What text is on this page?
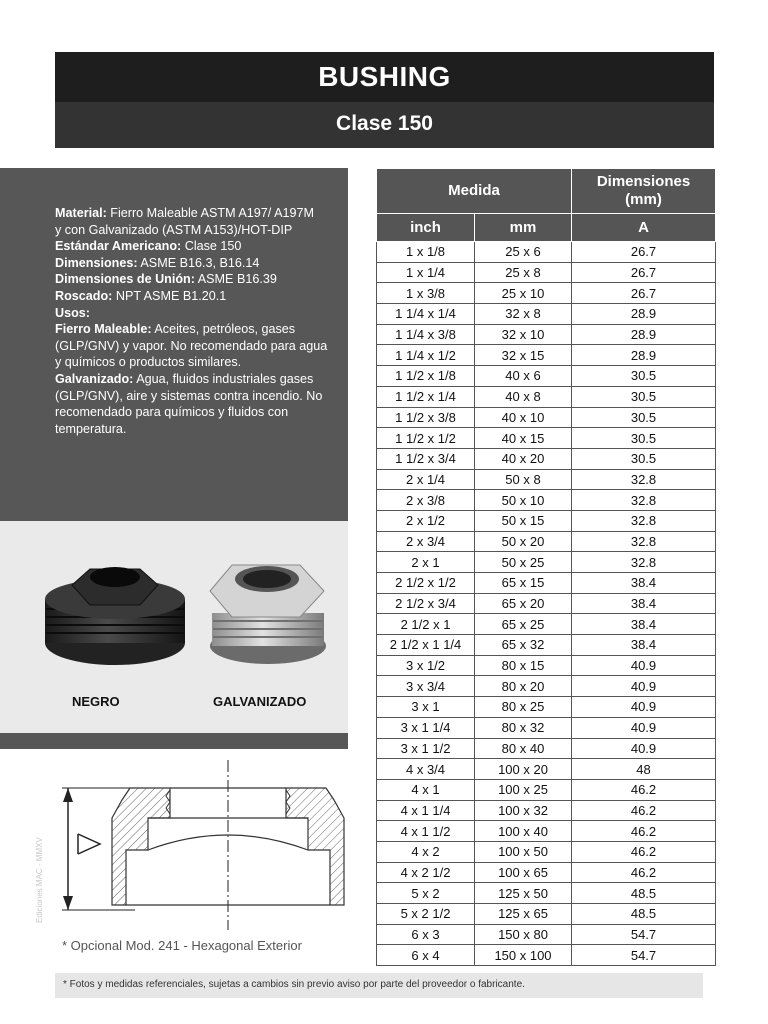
BUSHING
Clase 150
Material: Fierro Maleable ASTM A197/ A197M
y con Galvanizado (ASTM A153)/HOT-DIP
Estándar Americano: Clase 150
Dimensiones: ASME B16.3, B16.14
Dimensiones de Unión: ASME B16.39
Roscado: NPT ASME B1.20.1
Usos:
Fierro Maleable: Aceites, petróleos, gases (GLP/GNV) y vapor. No recomendado para agua y químicos o productos similares.
Galvanizado: Agua, fluidos industriales gases (GLP/GNV), aire y sistemas contra incendio. No recomendado para químicos y fluidos con temperatura.
NEGRO	GALVANIZADO
Ediciones MAC - MMXV
* Opcional Mod. 241 - Hexagonal Exterior
Medida		Dimensiones
(mm)
inch	mm	A
1 x 1/8	25 x 6	26.7
1 x 1/4	25 x 8	26.7
1 x 3/8	25 x 10	26.7
1 1/4 x 1/4	32 x 8	28.9
1 1/4 x 3/8	32 x 10	28.9
1 1/4 x 1/2	32 x 15	28.9
1 1/2 x 1/8	40 x 6	30.5
1 1/2 x 1/4	40 x 8	30.5
1 1/2 x 3/8	40 x 10	30.5
1 1/2 x 1/2	40 x 15	30.5
1 1/2 x 3/4	40 x 20	30.5
2 x 1/4	50 x 8	32.8
2 x 3/8	50 x 10	32.8
2 x 1/2	50 x 15	32.8
2 x 3/4	50 x 20	32.8
2 x 1	50 x 25	32.8
2 1/2 x 1/2	65 x 15	38.4
2 1/2 x 3/4	65 x 20	38.4
2 1/2 x 1	65 x 25	38.4
2 1/2 x 1 1/4	65 x 32	38.4
3 x 1/2	80 x 15	40.9
3 x 3/4	80 x 20	40.9
3 x 1	80 x 25	40.9
3 x 1 1/4	80 x 32	40.9
3 x 1 1/2	80 x 40	40.9
4 x 3/4	100 x 20	48
4 x 1	100 x 25	46.2
4 x 1 1/4	100 x 32	46.2
4 x 1 1/2	100 x 40	46.2
4 x 2	100 x 50	46.2
4 x 2 1/2	100 x 65	46.2
5 x 2	125 x 50	48.5
5 x 2 1/2	125 x 65	48.5
6 x 3	150 x 80	54.7
6 x 4	150 x 100	54.7
* Fotos y medidas referenciales, sujetas a cambios sin previo aviso por parte del proveedor o fabricante.
